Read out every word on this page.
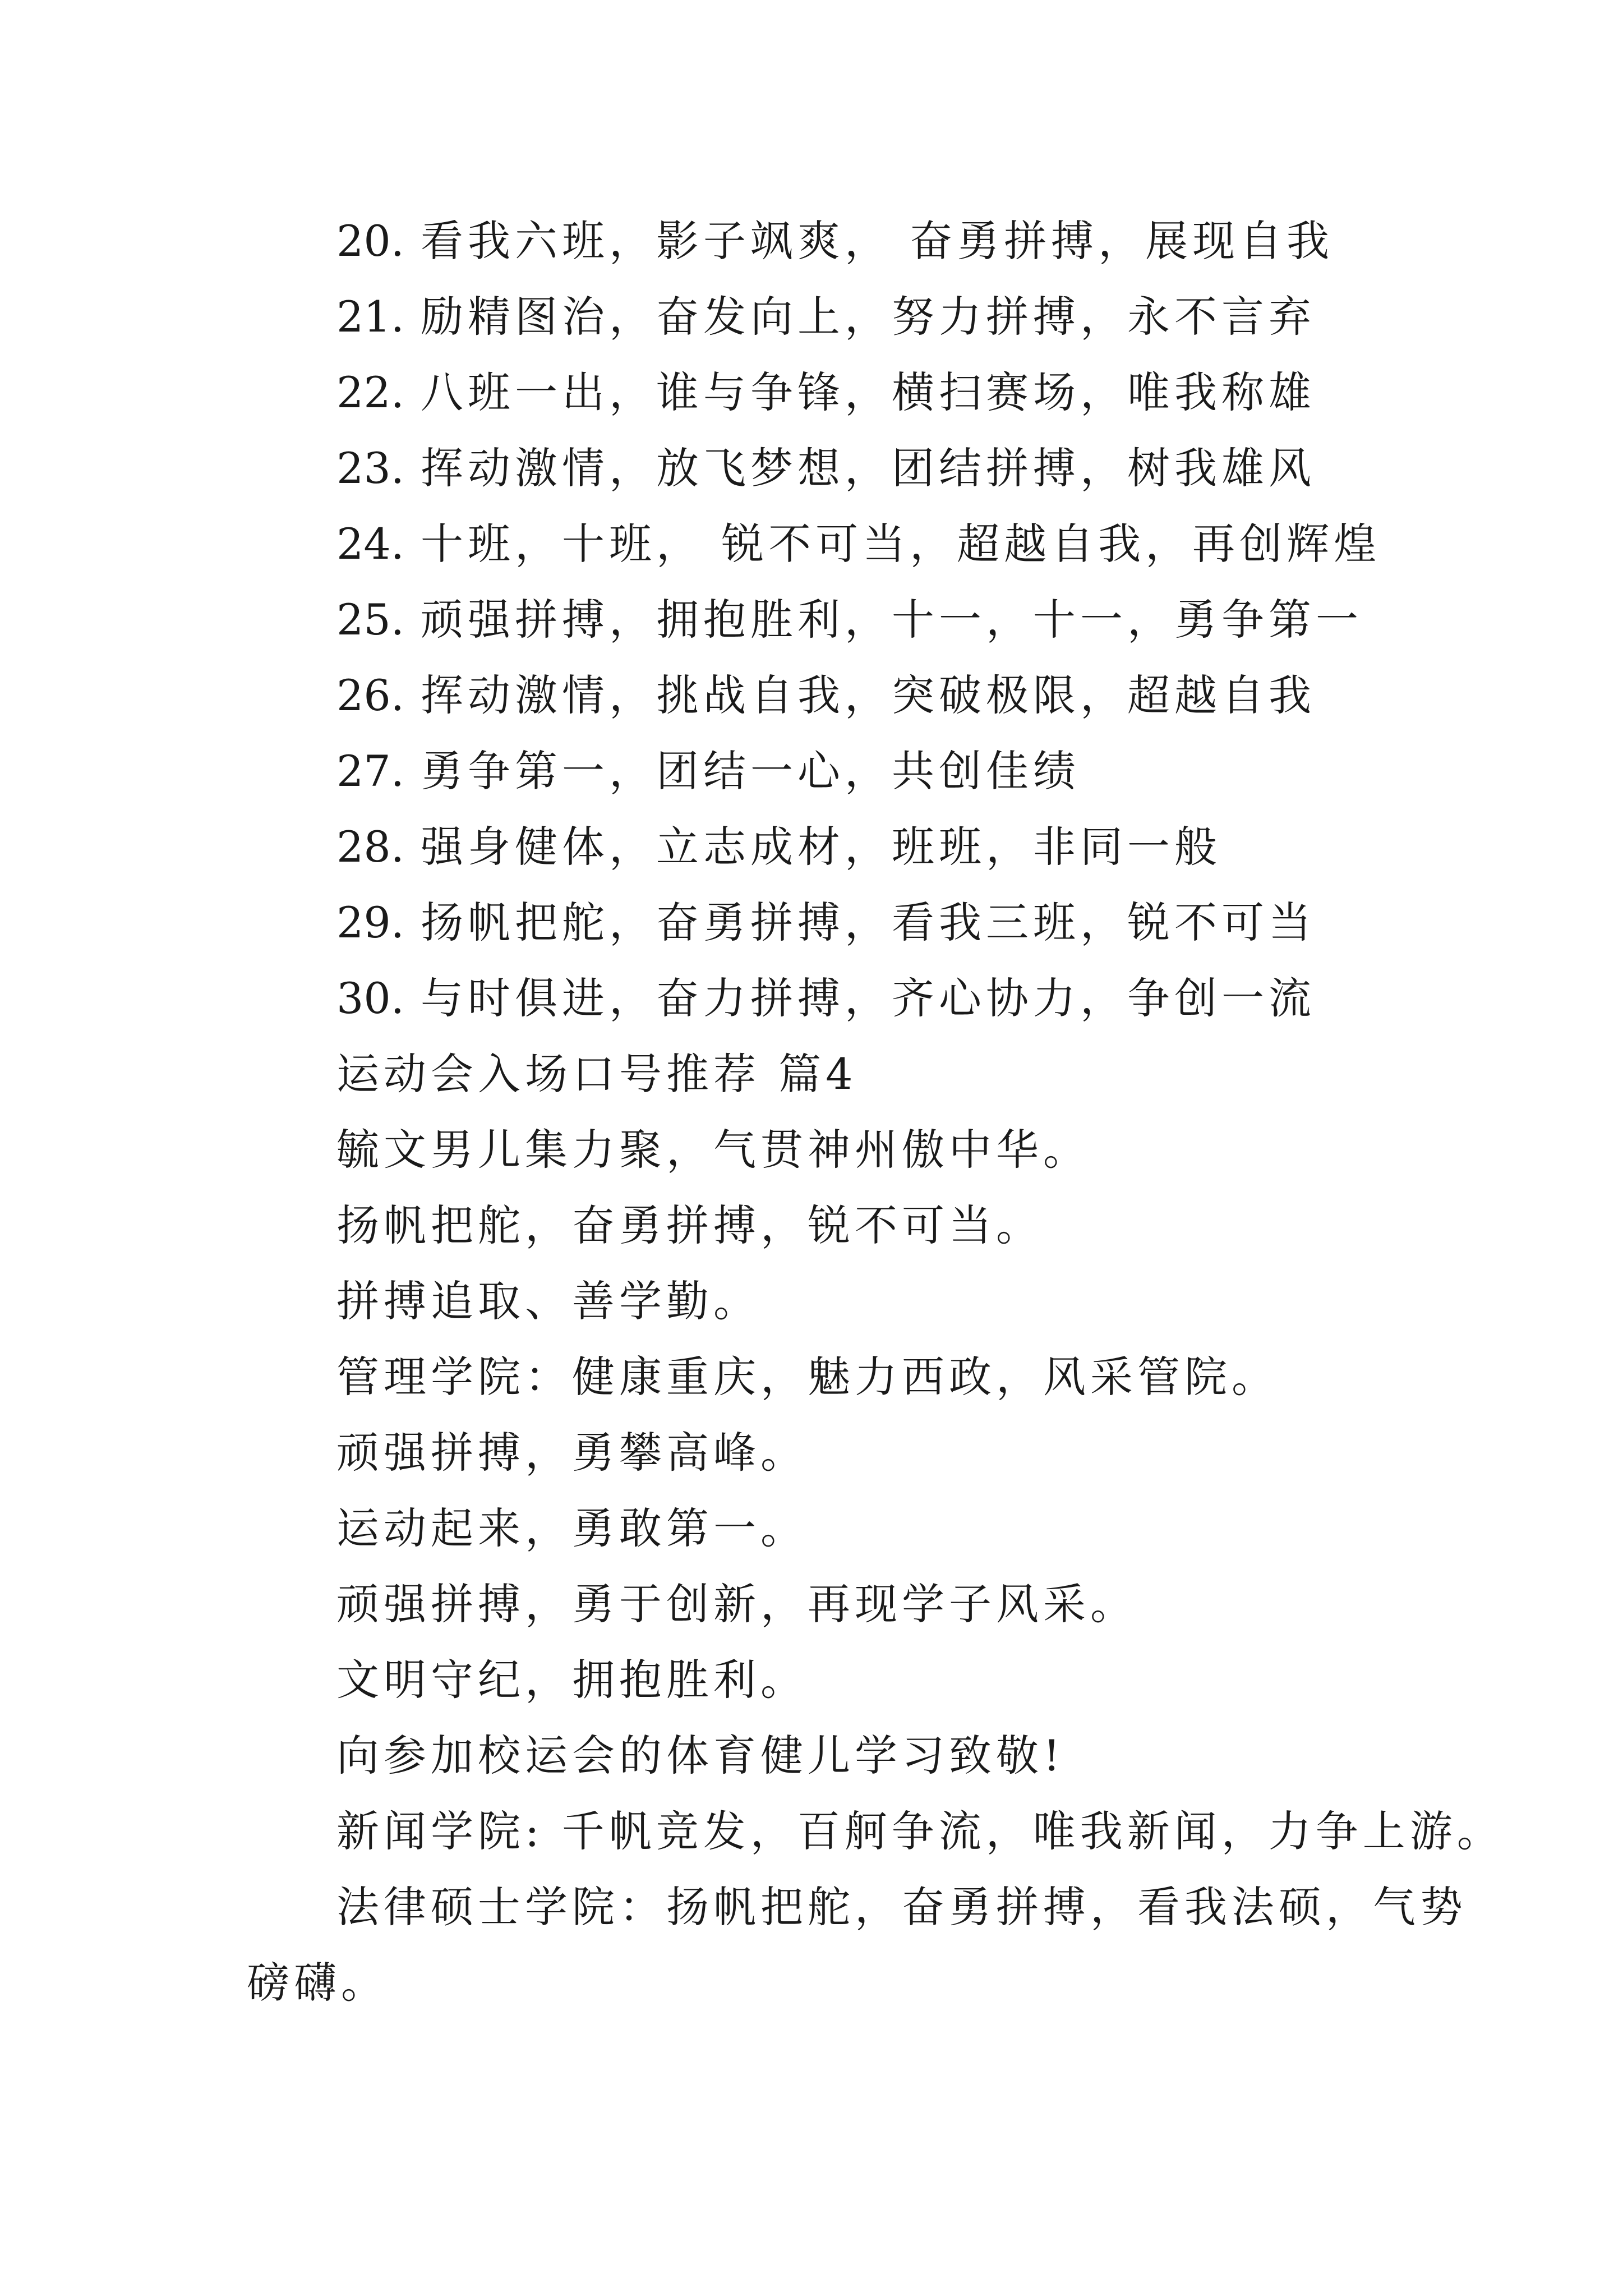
20. 看我六班，影子飒爽， 奋勇拼搏，展现自我
21. 励精图治，奋发向上，努力拼搏，永不言弃
22. 八班一出，谁与争锋，横扫赛场，唯我称雄
23. 挥动激情，放飞梦想，团结拼搏，树我雄风
24. 十班，十班， 锐不可当，超越自我，再创辉煌
25. 顽强拼搏，拥抱胜利，十一，十一，勇争第一
26. 挥动激情，挑战自我，突破极限，超越自我
27. 勇争第一，团结一心，共创佳绩
28. 强身健体，立志成材，班班，非同一般
29. 扬帆把舵，奋勇拼搏，看我三班，锐不可当
30. 与时俱进，奋力拼搏，齐心协力，争创一流
运动会入场口号推荐 篇4
毓文男儿集力聚，气贯神州傲中华。
扬帆把舵，奋勇拼搏，锐不可当。
拼搏追取、善学勤。
管理学院：健康重庆，魅力西政，风采管院。
顽强拼搏，勇攀高峰。
运动起来，勇敢第一。
顽强拼搏，勇于创新，再现学子风采。
文明守纪，拥抱胜利。
向参加校运会的体育健儿学习致敬!
新闻学院: 千帆竞发，百舸争流，唯我新闻，力争上游。
法律硕士学院：扬帆把舵，奋勇拼搏，看我法硕，气势
磅礴。
